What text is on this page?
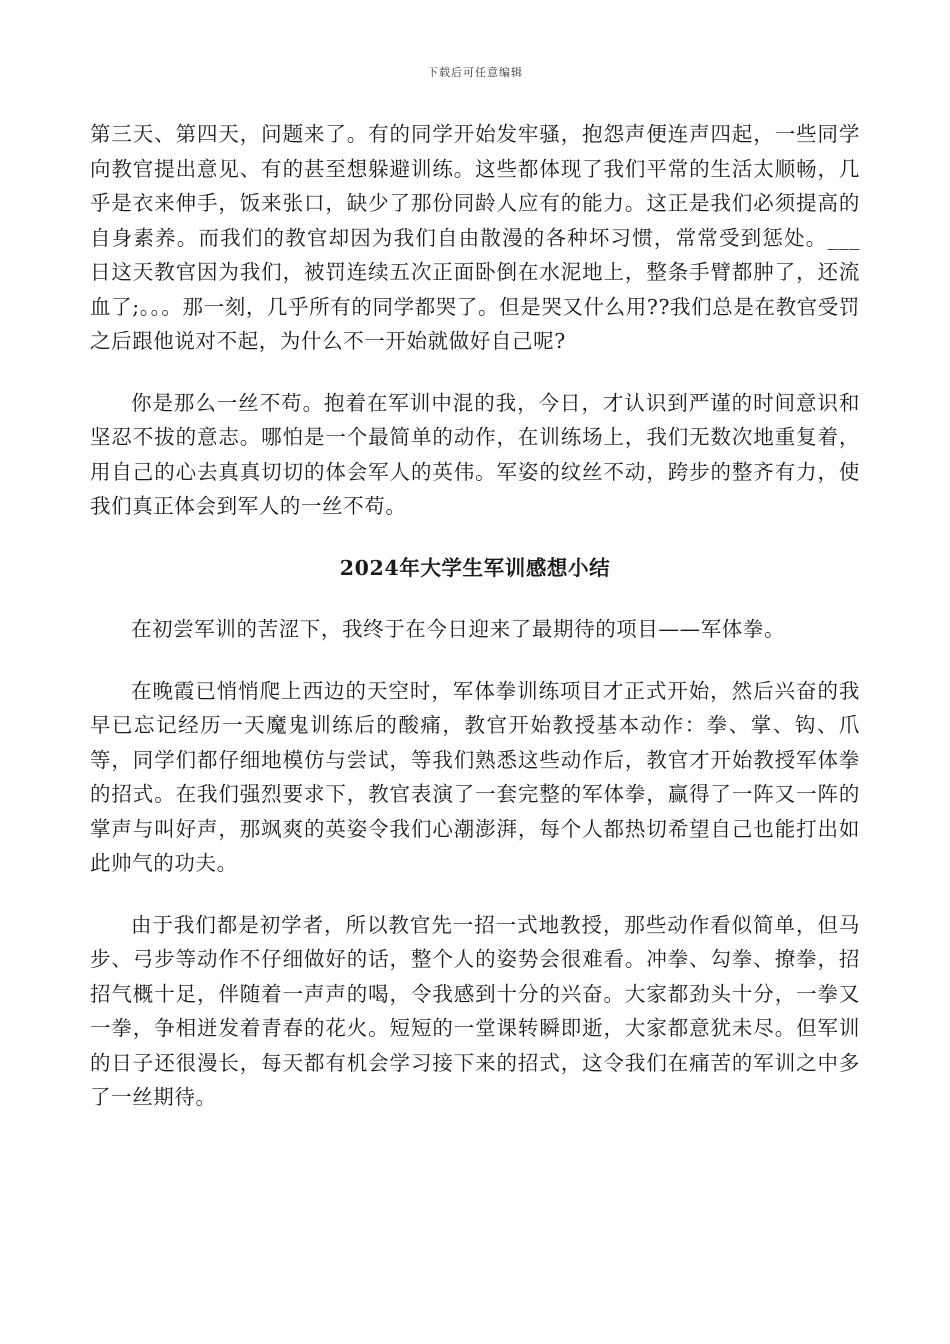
下载后可任意编辑

第三天、第四天，问题来了。有的同学开始发牢骚，抱怨声便连声四起，一些同学向教官提出意见、有的甚至想躲避训练。这些都体现了我们平常的生活太顺畅，几乎是衣来伸手，饭来张口，缺少了那份同龄人应有的能力。这正是我们必须提高的自身素养。而我们的教官却因为我们自由散漫的各种坏习惯，常常受到惩处。___日这天教官因为我们，被罚连续五次正面卧倒在水泥地上，整条手臂都肿了，还流血了;。。。那一刻，几乎所有的同学都哭了。但是哭又什么用??我们总是在教官受罚之后跟他说对不起，为什么不一开始就做好自己呢?

你是那么一丝不苟。抱着在军训中混的我，今日，才认识到严谨的时间意识和坚忍不拔的意志。哪怕是一个最简单的动作，在训练场上，我们无数次地重复着，用自己的心去真真切切的体会军人的英伟。军姿的纹丝不动，跨步的整齐有力，使我们真正体会到军人的一丝不苟。

2024年大学生军训感想小结

在初尝军训的苦涩下，我终于在今日迎来了最期待的项目——军体拳。

在晚霞已悄悄爬上西边的天空时，军体拳训练项目才正式开始，然后兴奋的我早已忘记经历一天魔鬼训练后的酸痛，教官开始教授基本动作：拳、掌、钩、爪等，同学们都仔细地模仿与尝试，等我们熟悉这些动作后，教官才开始教授军体拳的招式。在我们强烈要求下，教官表演了一套完整的军体拳，赢得了一阵又一阵的掌声与叫好声，那飒爽的英姿令我们心潮澎湃，每个人都热切希望自己也能打出如此帅气的功夫。

由于我们都是初学者，所以教官先一招一式地教授，那些动作看似简单，但马步、弓步等动作不仔细做好的话，整个人的姿势会很难看。冲拳、勾拳、撩拳，招招气概十足，伴随着一声声的喝，令我感到十分的兴奋。大家都劲头十分，一拳又一拳，争相迸发着青春的花火。短短的一堂课转瞬即逝，大家都意犹未尽。但军训的日子还很漫长，每天都有机会学习接下来的招式，这令我们在痛苦的军训之中多了一丝期待。
